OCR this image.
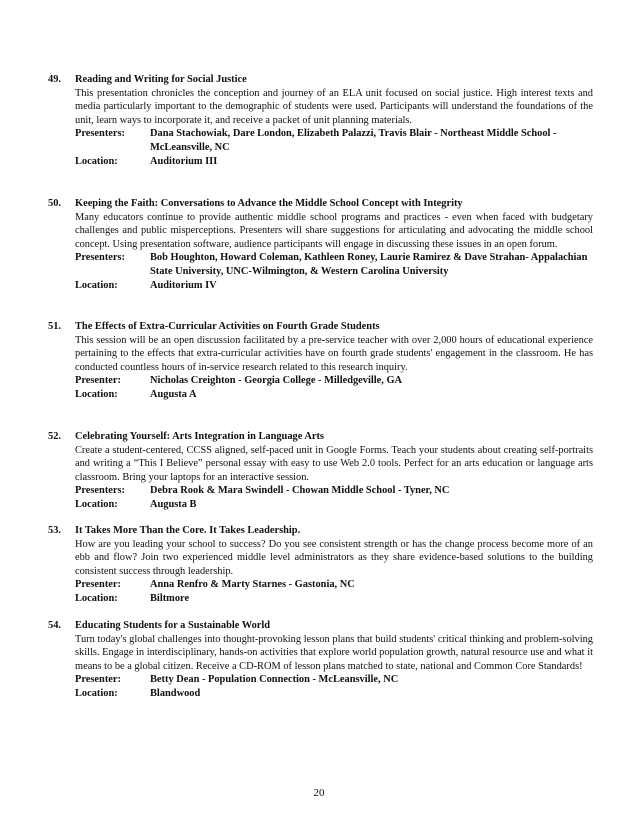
49.	Reading and Writing for Social Justice
This presentation chronicles the conception and journey of an ELA unit focused on social justice. High interest texts and media particularly important to the demographic of students were used. Participants will understand the foundations of the unit, learn ways to incorporate it, and receive a packet of unit planning materials.
Presenters:	Dana Stachowiak, Dare London, Elizabeth Palazzi, Travis Blair - Northeast Middle School - McLeansville, NC
Location:	Auditorium III
50.	Keeping the Faith: Conversations to Advance the Middle School Concept with Integrity
Many educators continue to provide authentic middle school programs and practices - even when faced with budgetary challenges and public misperceptions. Presenters will share suggestions for articulating and advocating the middle school concept. Using presentation software, audience participants will engage in discussing these issues in an open forum.
Presenters:	Bob Houghton, Howard Coleman, Kathleen Roney, Laurie Ramirez & Dave Strahan- Appalachian State University, UNC-Wilmington, & Western Carolina University
Location:	Auditorium IV
51.	The Effects of Extra-Curricular Activities on Fourth Grade Students
This session will be an open discussion facilitated by a pre-service teacher with over 2,000 hours of educational experience pertaining to the effects that extra-curricular activities have on fourth grade students' engagement in the classroom. He has conducted countless hours of in-service research related to this research inquiry.
Presenter:	Nicholas Creighton - Georgia College - Milledgeville, GA
Location:	Augusta A
52.	Celebrating Yourself: Arts Integration in Language Arts
Create a student-centered, CCSS aligned, self-paced unit in Google Forms. Teach your students about creating self-portraits and writing a “This I Believe” personal essay with easy to use Web 2.0 tools. Perfect for an arts education or language arts classroom. Bring your laptops for an interactive session.
Presenters:	Debra Rook & Mara Swindell - Chowan Middle School - Tyner, NC
Location:	Augusta B
53.	It Takes More Than the Core. It Takes Leadership.
How are you leading your school to success? Do you see consistent strength or has the change process become more of an ebb and flow? Join two experienced middle level administrators as they share evidence-based solutions to the building consistent success through leadership.
Presenter:	Anna Renfro & Marty Starnes - Gastonia, NC
Location:	Biltmore
54.	Educating Students for a Sustainable World
Turn today's global challenges into thought-provoking lesson plans that build students' critical thinking and problem-solving skills. Engage in interdisciplinary, hands-on activities that explore world population growth, natural resource use and what it means to be a global citizen. Receive a CD-ROM of lesson plans matched to state, national and Common Core Standards!
Presenter:	Betty Dean - Population Connection - McLeansville, NC
Location:	Blandwood
20
